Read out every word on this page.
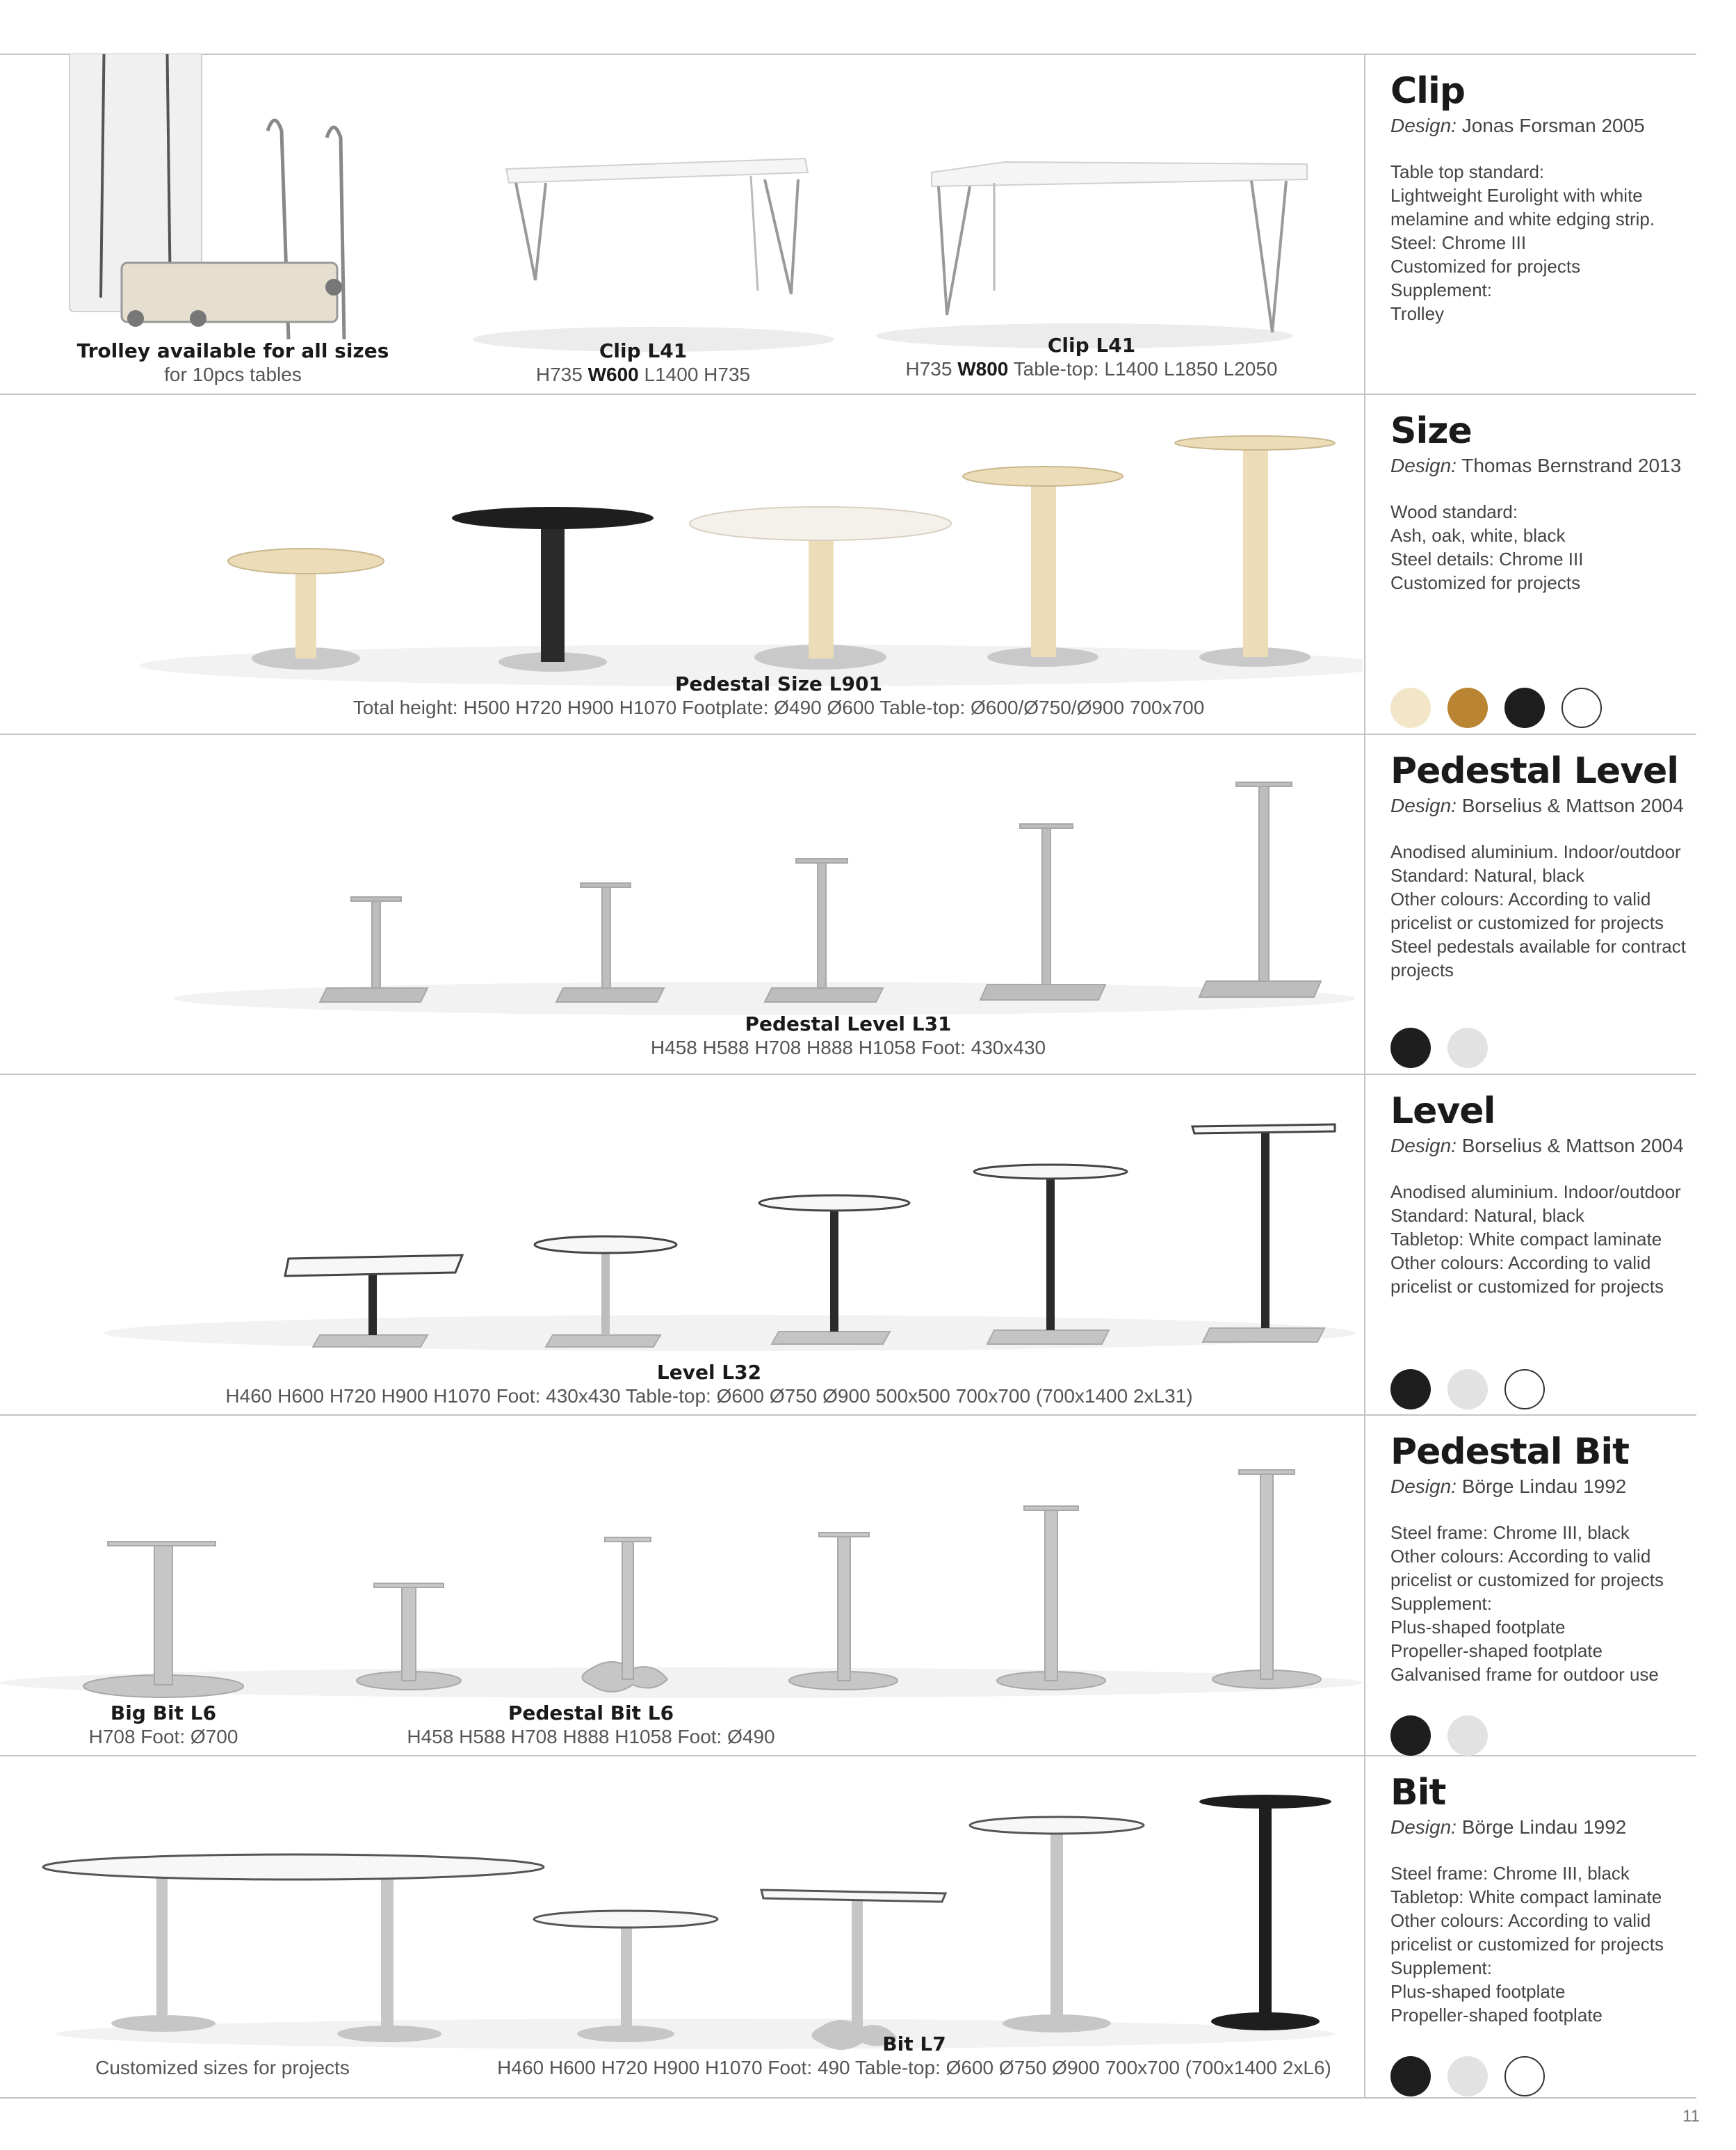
Trolley available for all sizes
for 10pcs tables
Clip L41
H735 W600 L1400 H735
Clip L41
H735 W800 Table-top: L1400 L1850 L2050
Clip
Design: Jonas Forsman 2005
Table top standard:
Lightweight Eurolight with white
melamine and white edging strip.
Steel: Chrome III
Customized for projects
Supplement:
Trolley
Pedestal Size L901
Total height: H500 H720 H900 H1070 Footplate: Ø490 Ø600 Table-top: Ø600/Ø750/Ø900 700x700
Size
Design: Thomas Bernstrand 2013
Wood standard:
Ash, oak, white, black
Steel details: Chrome III
Customized for projects
Pedestal Level L31
H458 H588 H708 H888 H1058 Foot: 430x430
Pedestal Level
Design: Borselius & Mattson 2004
Anodised aluminium. Indoor/outdoor
Standard: Natural, black
Other colours: According to valid
pricelist or customized for projects
Steel pedestals available for contract
projects
Level L32
H460 H600 H720 H900 H1070 Foot: 430x430 Table-top: Ø600 Ø750 Ø900 500x500 700x700 (700x1400 2xL31)
Level
Design: Borselius & Mattson 2004
Anodised aluminium. Indoor/outdoor
Standard: Natural, black
Tabletop: White compact laminate
Other colours: According to valid
pricelist or customized for projects
Big Bit L6
H708 Foot: Ø700
Pedestal Bit L6
H458 H588 H708 H888 H1058 Foot: Ø490
Pedestal Bit
Design: Börge Lindau 1992
Steel frame: Chrome III, black
Other colours: According to valid
pricelist or customized for projects
Supplement:
Plus-shaped footplate
Propeller-shaped footplate
Galvanised frame for outdoor use
Customized sizes for projects
Bit L7
H460 H600 H720 H900 H1070 Foot: 490 Table-top: Ø600 Ø750 Ø900 700x700 (700x1400 2xL6)
Bit
Design: Börge Lindau 1992
Steel frame: Chrome III, black
Tabletop: White compact laminate
Other colours: According to valid
pricelist or customized for projects
Supplement:
Plus-shaped footplate
Propeller-shaped footplate
11
